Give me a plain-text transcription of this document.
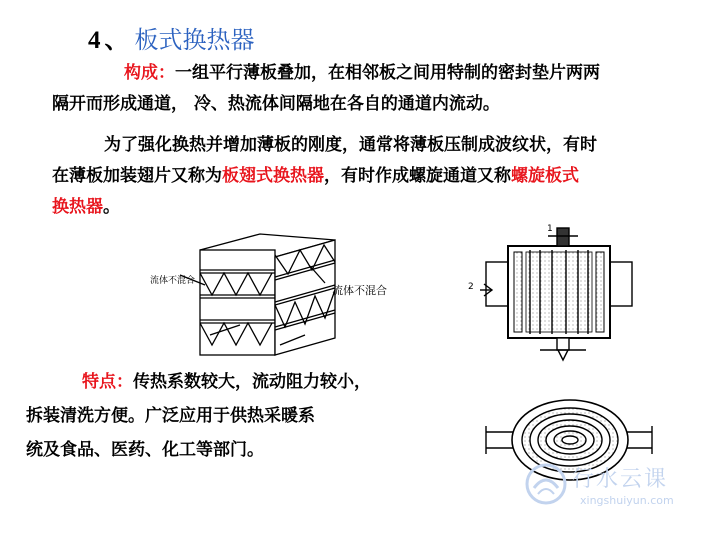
4 、 板式换热器
构成：一组平行薄板叠加，在相邻板之间用特制的密封垫片两两
隔开而形成通道， 冷、热流体间隔地在各自的通道内流动。
为了强化换热并增加薄板的刚度，通常将薄板压制成波纹状，有时
在薄板加装翅片又称为板翅式换热器，有时作成螺旋通道又称螺旋板式
换热器。
流体不混合
流体不混合
1
2
特点：传热系数较大，流动阻力较小，
拆装清洗方便。广泛应用于供热采暖系
统及食品、医药、化工等部门。
行水云课
xingshuiyun.com
